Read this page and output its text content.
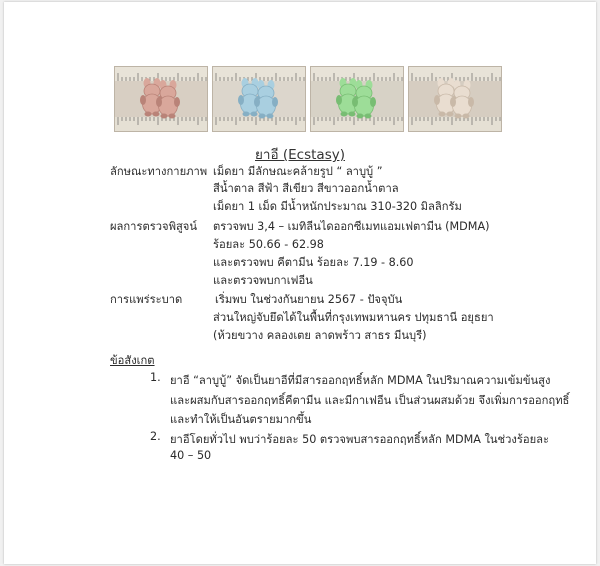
ยาอี (Ecstasy)
ลักษณะทางกายภาพ เม็ดยา มีลักษณะคล้ายรูป “ ลาบูบู้ ”
สีน้ำตาล สีฟ้า สีเขียว สีขาวออกน้ำตาล
เม็ดยา 1 เม็ด มีน้ำหนักประมาณ 310-320 มิลลิกรัม
ผลการตรวจพิสูจน์ ตรวจพบ 3,4 – เมทิลีนไดออกซีเมทแอมเฟตามีน (MDMA)
ร้อยละ 50.66 - 62.98
และตรวจพบ คีตามีน ร้อยละ 7.19 - 8.60
และตรวจพบกาเฟอีน
การแพร่ระบาด	เริ่มพบ ในช่วงกันยายน 2567 - ปัจจุบัน
ส่วนใหญ่จับยึดได้ในพื้นที่กรุงเทพมหานคร ปทุมธานี อยุธยา
(ห้วยขวาง คลองเตย ลาดพร้าว สาธร มีนบุรี)
ข้อสังเกต
1. ยาอี “ลาบูบู้” จัดเป็นยาอีที่มีสารออกฤทธิ์หลัก MDMA ในปริมาณความเข้มข้นสูง
และผสมกับสารออกฤทธิ์คีตามีน และมีกาเฟอีน เป็นส่วนผสมด้วย จึงเพิ่มการออกฤทธิ์
และทำให้เป็นอันตรายมากขึ้น
2. ยาอีโดยทั่วไป พบว่าร้อยละ 50 ตรวจพบสารออกฤทธิ์หลัก MDMA ในช่วงร้อยละ
40 – 50
